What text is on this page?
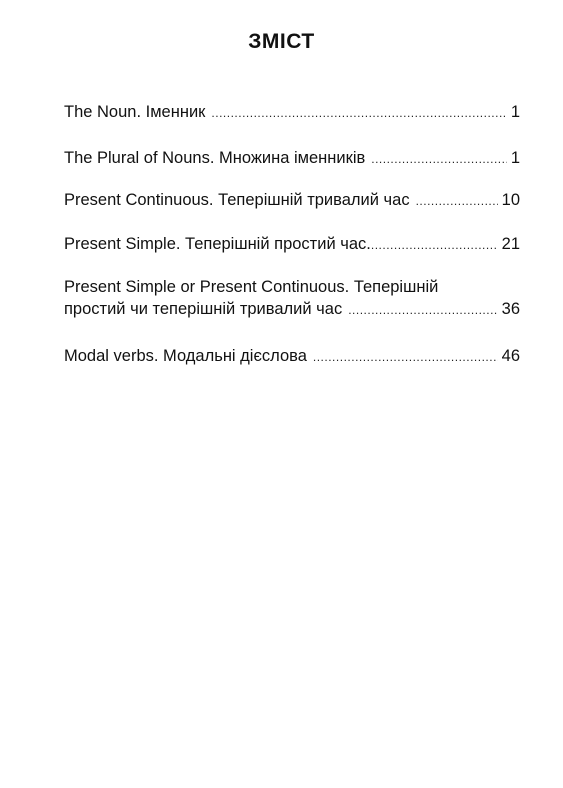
ЗМІСТ
The Noun. Іменник .....	1
The Plural of Nouns. Множина іменників .....	1
Present Continuous. Теперішній тривалий час .....	10
Present Simple. Теперішній простий час. .....	21
Present Simple or Present Continuous. Теперішній
простий чи теперішній тривалий час .....	36
Modal verbs. Модальні дієслова .....	46
